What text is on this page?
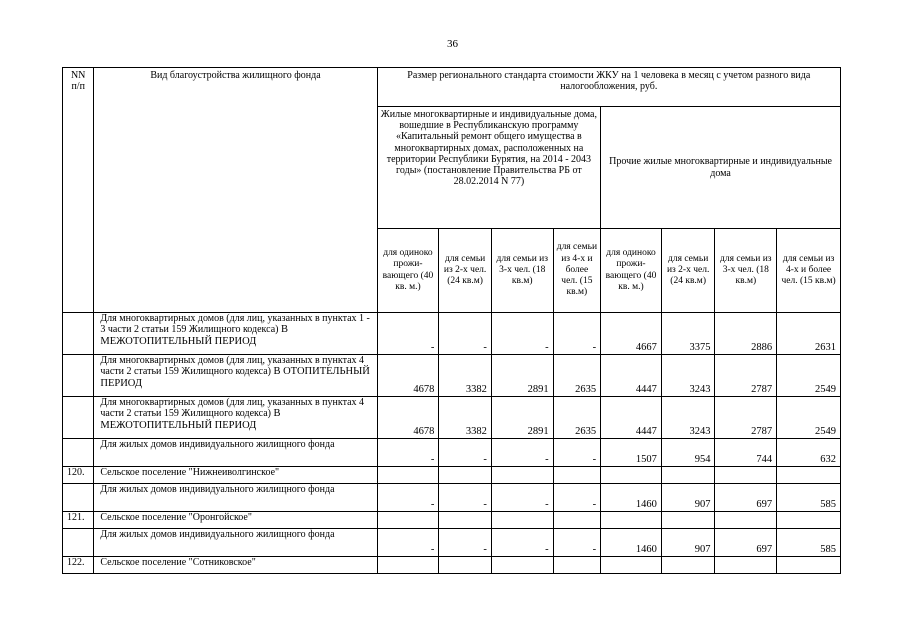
36
NN
п/п	Вид благоустройства жилищного фонда	Размер регионального стандарта стоимости ЖКУ на 1 человека в месяц с учетом разного вида налогообложения, руб.							
		Жилые многоквартирные и индивидуальные дома, вошедшие в Республиканскую программу «Капитальный ремонт общего имущества в многоквартирных домах, расположенных на территории Республики Бурятия, на 2014 - 2043 годы» (постановление Правительства РБ от 28.02.2014 N 77)				Прочие жилые многоквартирные и индивидуальные дома			
		для одиноко прожи-вающего (40 кв. м.)	для семьи из 2-х чел. (24 кв.м)	для семьи из 3-х чел. (18 кв.м)	для семьи из 4-х и более чел. (15 кв.м)	для одиноко прожи-вающего (40 кв. м.)	для семьи из 2-х чел. (24 кв.м)	для семьи из 3-х чел. (18 кв.м)	для семьи из 4-х и более чел. (15 кв.м)
	Для многоквартирных домов (для лиц, указанных в пунктах 1 - 3 части 2 статьи 159 Жилищного кодекса) В МЕЖОТОПИТЕЛЬНЫЙ ПЕРИОД	-	-	-	-	4667	3375	2886	2631
	Для многоквартирных домов (для лиц, указанных в пунктах 4 части 2 статьи 159 Жилищного кодекса) В ОТОПИТЕЛЬНЫЙ ПЕРИОД	4678	3382	2891	2635	4447	3243	2787	2549
	Для многоквартирных домов (для лиц, указанных в пунктах 4 части 2 статьи 159 Жилищного кодекса) В МЕЖОТОПИТЕЛЬНЫЙ ПЕРИОД	4678	3382	2891	2635	4447	3243	2787	2549
	Для жилых домов индивидуального жилищного фонда	-	-	-	-	1507	954	744	632
120.	Сельское поселение "Нижнеиволгинское"								
	Для жилых домов индивидуального жилищного фонда	-	-	-	-	1460	907	697	585
121.	Сельское поселение "Оронгойское"								
	Для жилых домов индивидуального жилищного фонда	-	-	-	-	1460	907	697	585
122.	Сельское поселение "Сотниковское"								
